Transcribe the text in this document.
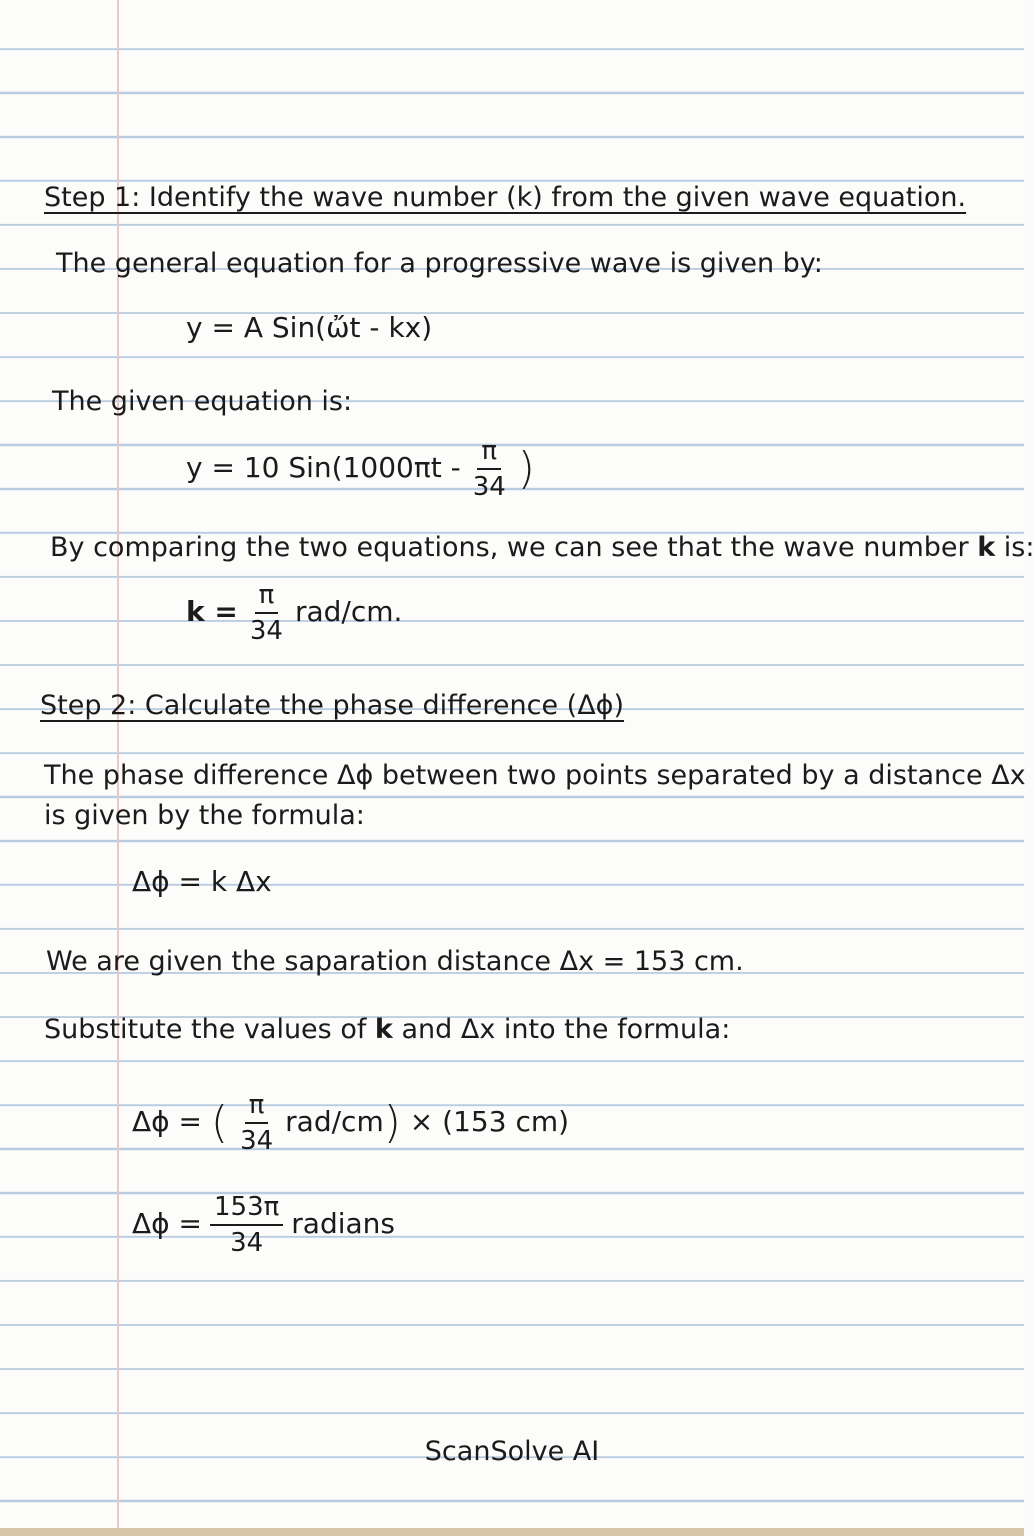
Step 1: Identify the wave number (k) from the given wave equation.
The general equation for a progressive wave is given by:
y = A Sin(ὤt - kx)
The given equation is:
y = 10 $Sin(1000\pi t - \frac{\pi}{34}$ )
By comparing the two equations, we can see that the wave number k is:
$k = \frac{\pi}{34} rad/cm$.
Step 2: Calculate the phase difference (Δɸ)
The phase difference Δɸ between two points separated by a distance Δx
is given by the formula:
Δɸ = k Δx
We are given the saparation distance Δx = 153 cm.
Substitute the values of k and Δx into the formula:
Δɸ = ( $\frac{\pi}{34} rad/cm) \times (153$ cm)
Δɸ = $\frac{153\pi}{34}$ radians
ScanSolve AI
